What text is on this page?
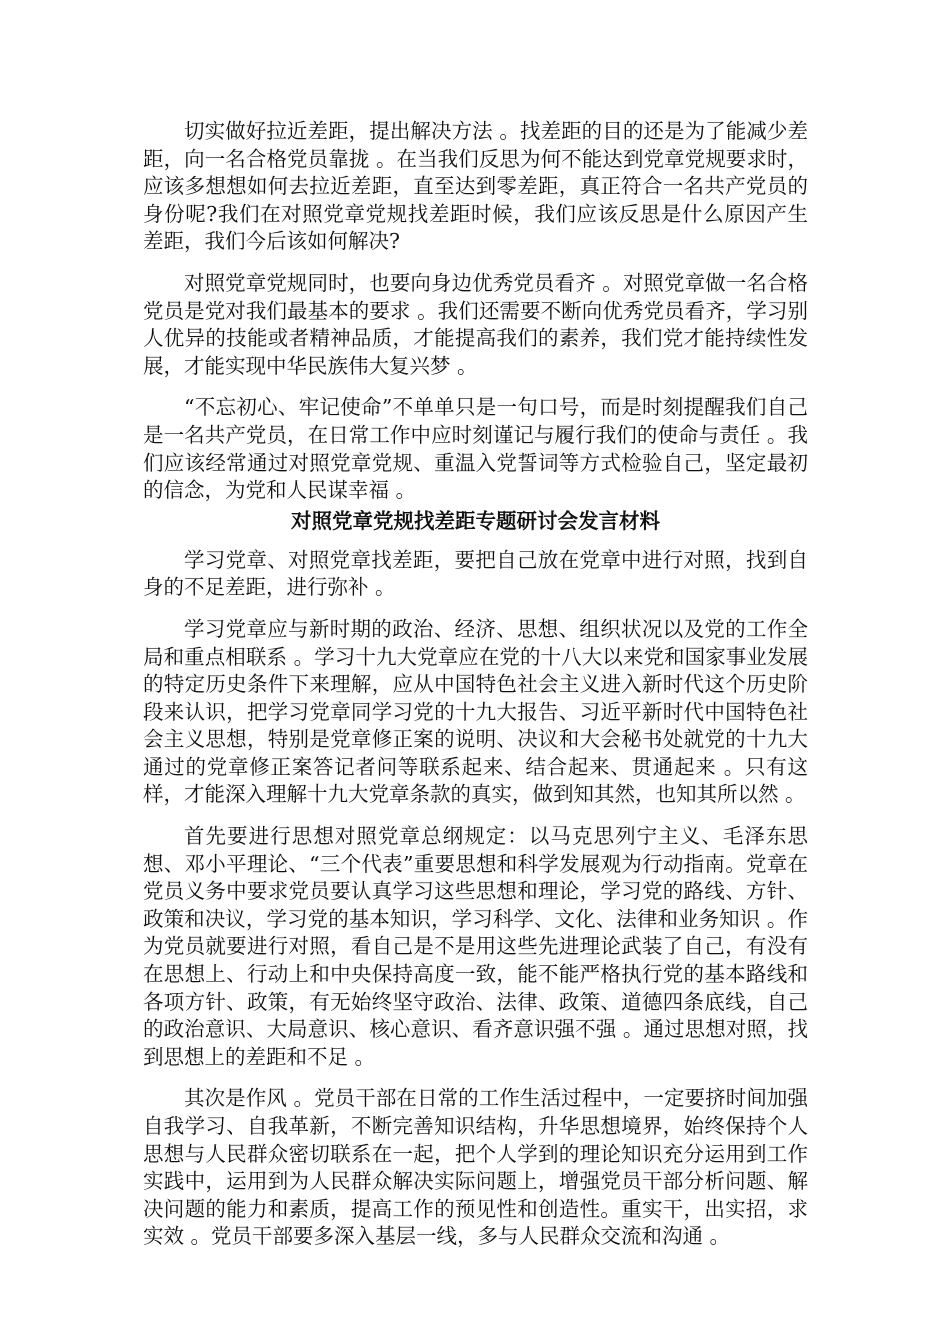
切实做好拉近差距，提出解决方法 。找差距的目的还是为了能减少差距，向一名合格党员靠拢 。在当我们反思为何不能达到党章党规要求时，应该多想想如何去拉近差距，直至达到零差距，真正符合一名共产党员的身份呢?我们在对照党章党规找差距时候，我们应该反思是什么原因产生差距，我们今后该如何解决?

对照党章党规同时，也要向身边优秀党员看齐 。对照党章做一名合格党员是党对我们最基本的要求 。我们还需要不断向优秀党员看齐，学习别人优异的技能或者精神品质，才能提高我们的素养，我们党才能持续性发展，才能实现中华民族伟大复兴梦 。

“不忘初心、牢记使命”不单单只是一句口号，而是时刻提醒我们自己是一名共产党员，在日常工作中应时刻谨记与履行我们的使命与责任 。我们应该经常通过对照党章党规、重温入党誓词等方式检验自己，坚定最初的信念，为党和人民谋幸福 。

对照党章党规找差距专题研讨会发言材料

学习党章、对照党章找差距，要把自己放在党章中进行对照，找到自身的不足差距，进行弥补 。

学习党章应与新时期的政治、经济、思想、组织状况以及党的工作全局和重点相联系 。学习十九大党章应在党的十八大以来党和国家事业发展的特定历史条件下来理解，应从中国特色社会主义进入新时代这个历史阶段来认识，把学习党章同学习党的十九大报告、习近平新时代中国特色社会主义思想，特别是党章修正案的说明、决议和大会秘书处就党的十九大通过的党章修正案答记者问等联系起来、结合起来、贯通起来 。只有这样，才能深入理解十九大党章条款的真实，做到知其然，也知其所以然 。

首先要进行思想对照党章总纲规定：以马克思列宁主义、毛泽东思想、邓小平理论、“三个代表”重要思想和科学发展观为行动指南。党章在党员义务中要求党员要认真学习这些思想和理论，学习党的路线、方针、政策和决议，学习党的基本知识，学习科学、文化、法律和业务知识 。作为党员就要进行对照，看自己是不是用这些先进理论武装了自己，有没有在思想上、行动上和中央保持高度一致，能不能严格执行党的基本路线和各项方针、政策，有无始终坚守政治、法律、政策、道德四条底线，自己的政治意识、大局意识、核心意识、看齐意识强不强 。通过思想对照，找到思想上的差距和不足 。

其次是作风 。党员干部在日常的工作生活过程中，一定要挤时间加强自我学习、自我革新，不断完善知识结构，升华思想境界，始终保持个人思想与人民群众密切联系在一起，把个人学到的理论知识充分运用到工作实践中，运用到为人民群众解决实际问题上，增强党员干部分析问题、解决问题的能力和素质，提高工作的预见性和创造性。重实干，出实招，求实效 。党员干部要多深入基层一线，多与人民群众交流和沟通 。
